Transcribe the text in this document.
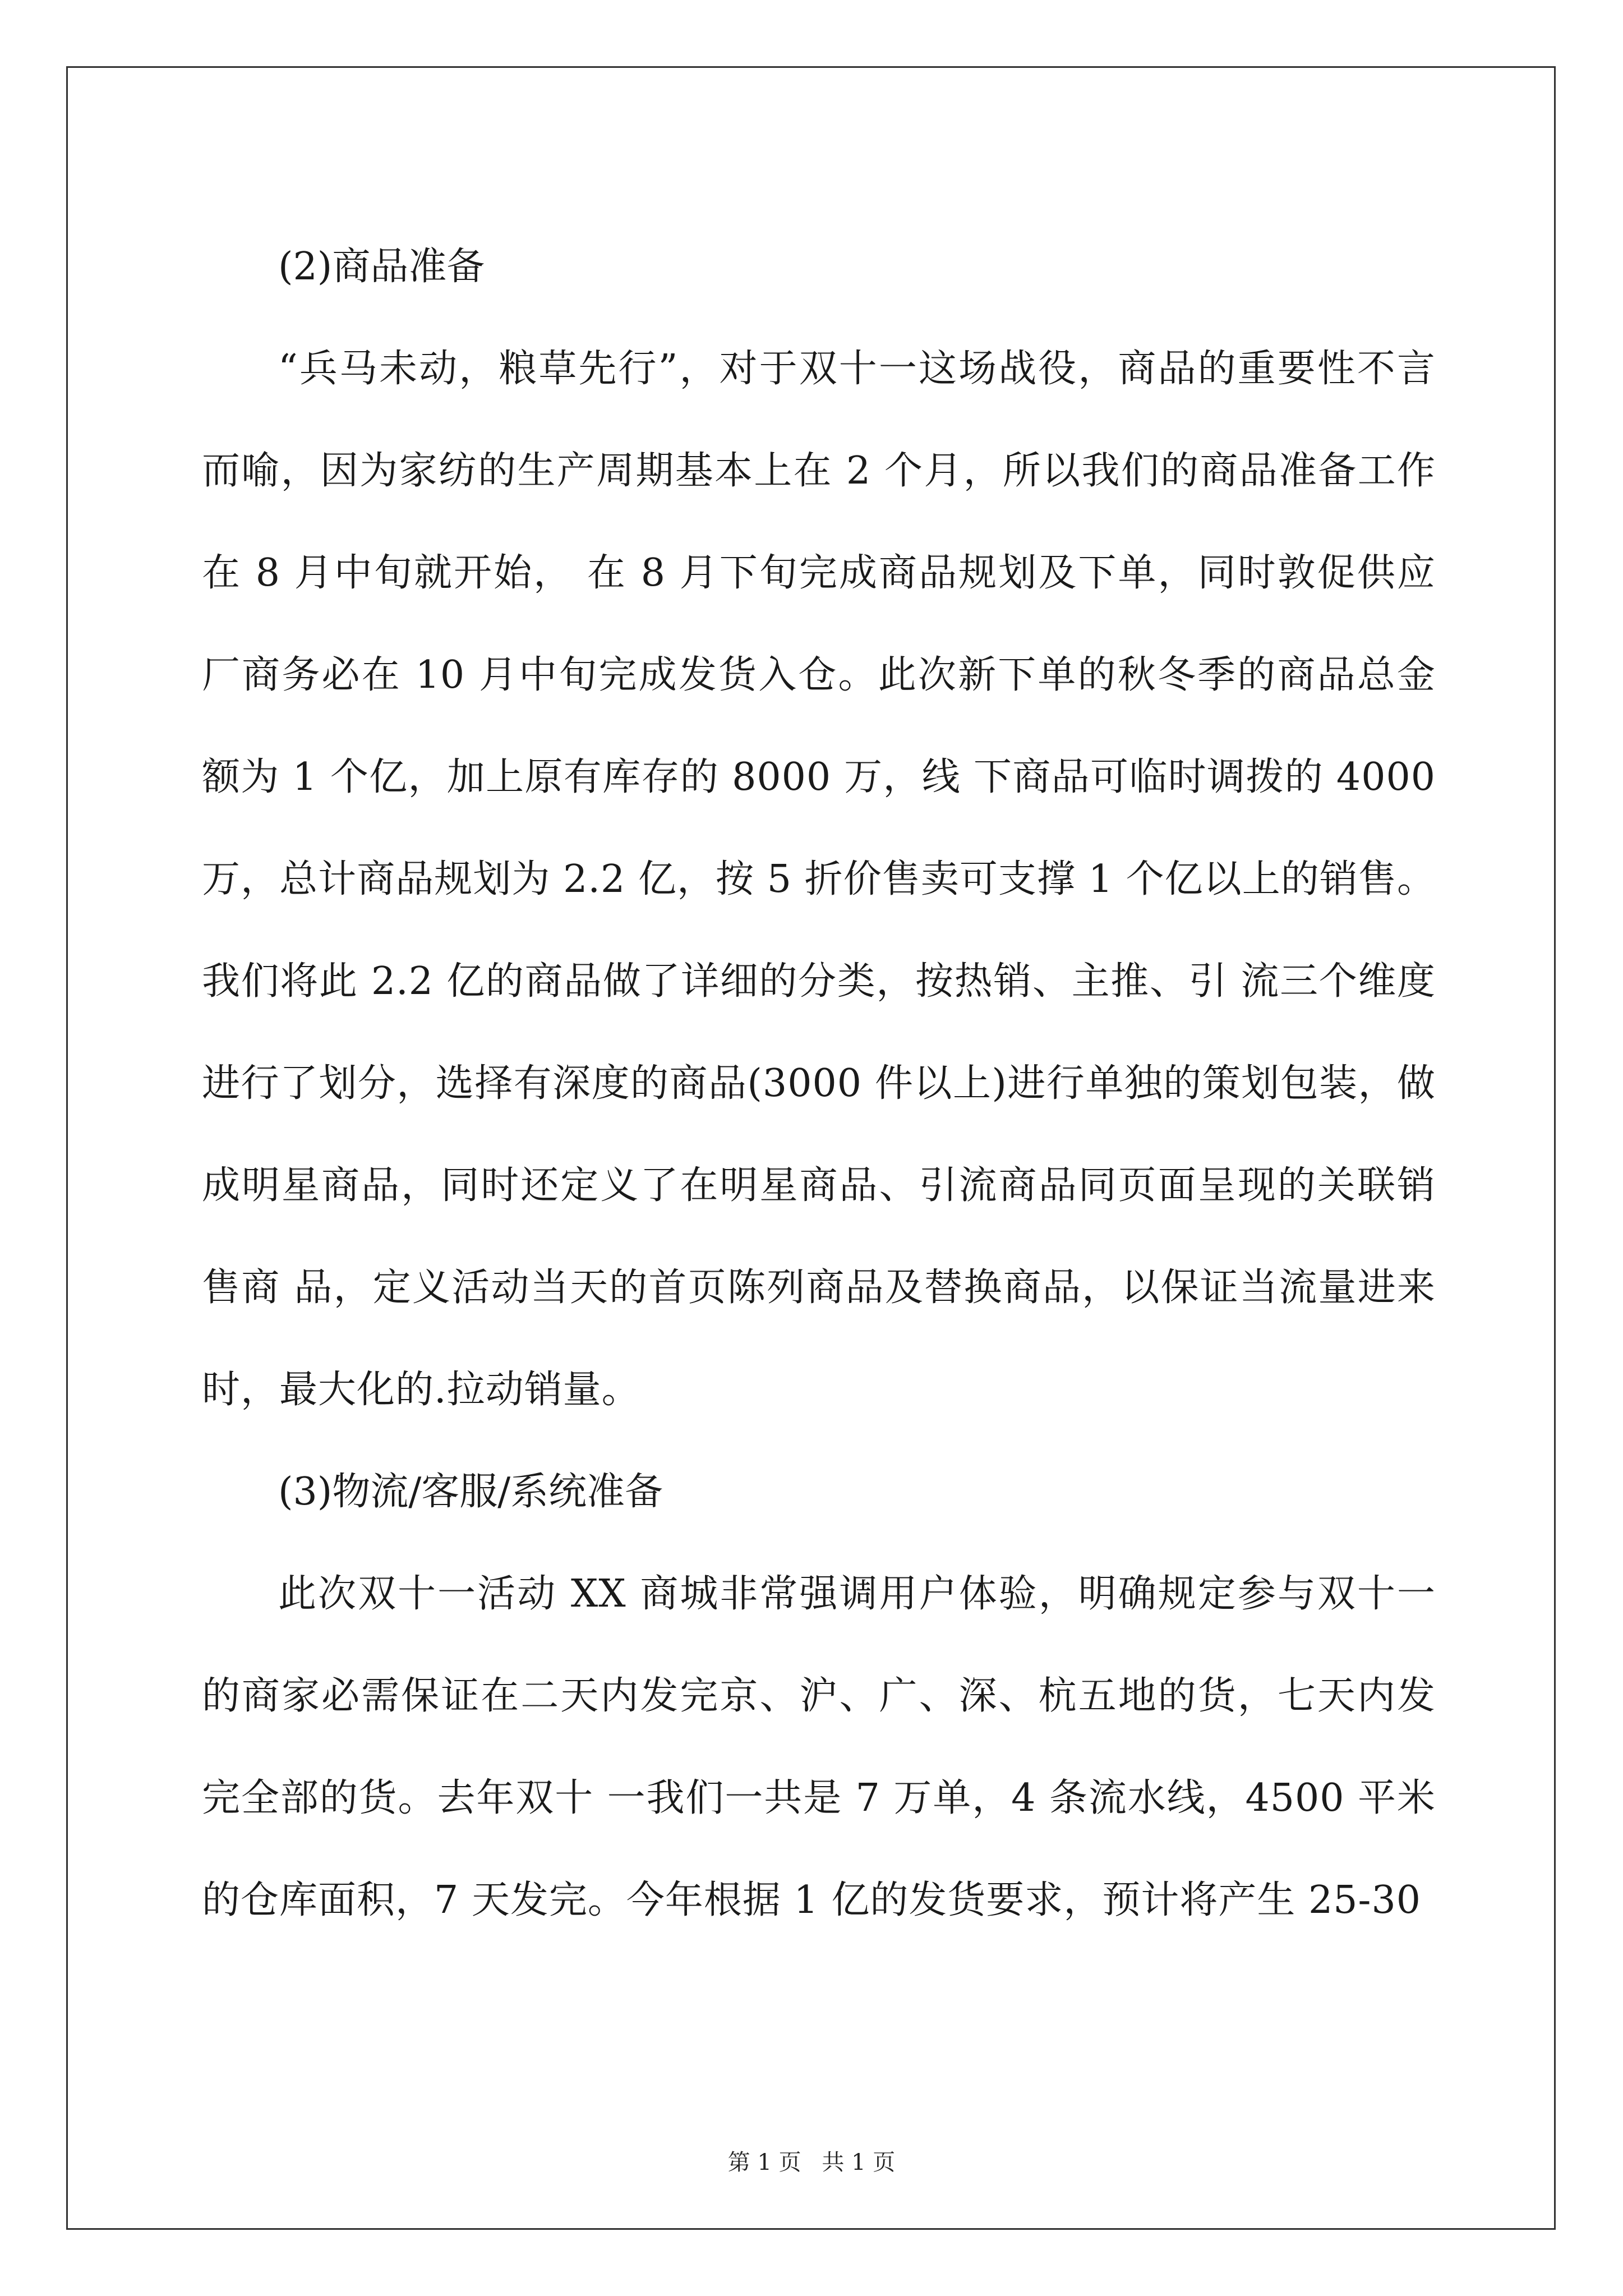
(2)商品准备

“兵马未动，粮草先行”，对于双十一这场战役，商品的重要性不言而喻，因为家纺的生产周期基本上在 2 个月，所以我们的商品准备工作在 8 月中旬就开始， 在 8 月下旬完成商品规划及下单，同时敦促供应厂商务必在 10 月中旬完成发货入仓。此次新下单的秋冬季的商品总金额为 1 个亿，加上原有库存的 8000 万，线 下商品可临时调拨的 4000 万，总计商品规划为 2.2 亿，按 5 折价售卖可支撑 1 个亿以上的销售。我们将此 2.2 亿的商品做了详细的分类，按热销、主推、引 流三个维度进行了划分，选择有深度的商品(3000 件以上)进行单独的策划包装，做成明星商品，同时还定义了在明星商品、引流商品同页面呈现的关联销售商 品，定义活动当天的首页陈列商品及替换商品，以保证当流量进来时，最大化的.拉动销量。

(3)物流/客服/系统准备

此次双十一活动 XX 商城非常强调用户体验，明确规定参与双十一的商家必需保证在二天内发完京、沪、广、深、杭五地的货，七天内发完全部的货。去年双十 一我们一共是 7 万单，4 条流水线，4500 平米的仓库面积，7 天发完。今年根据 1 亿的发货要求，预计将产生 25-30

第 1 页 共 1 页
